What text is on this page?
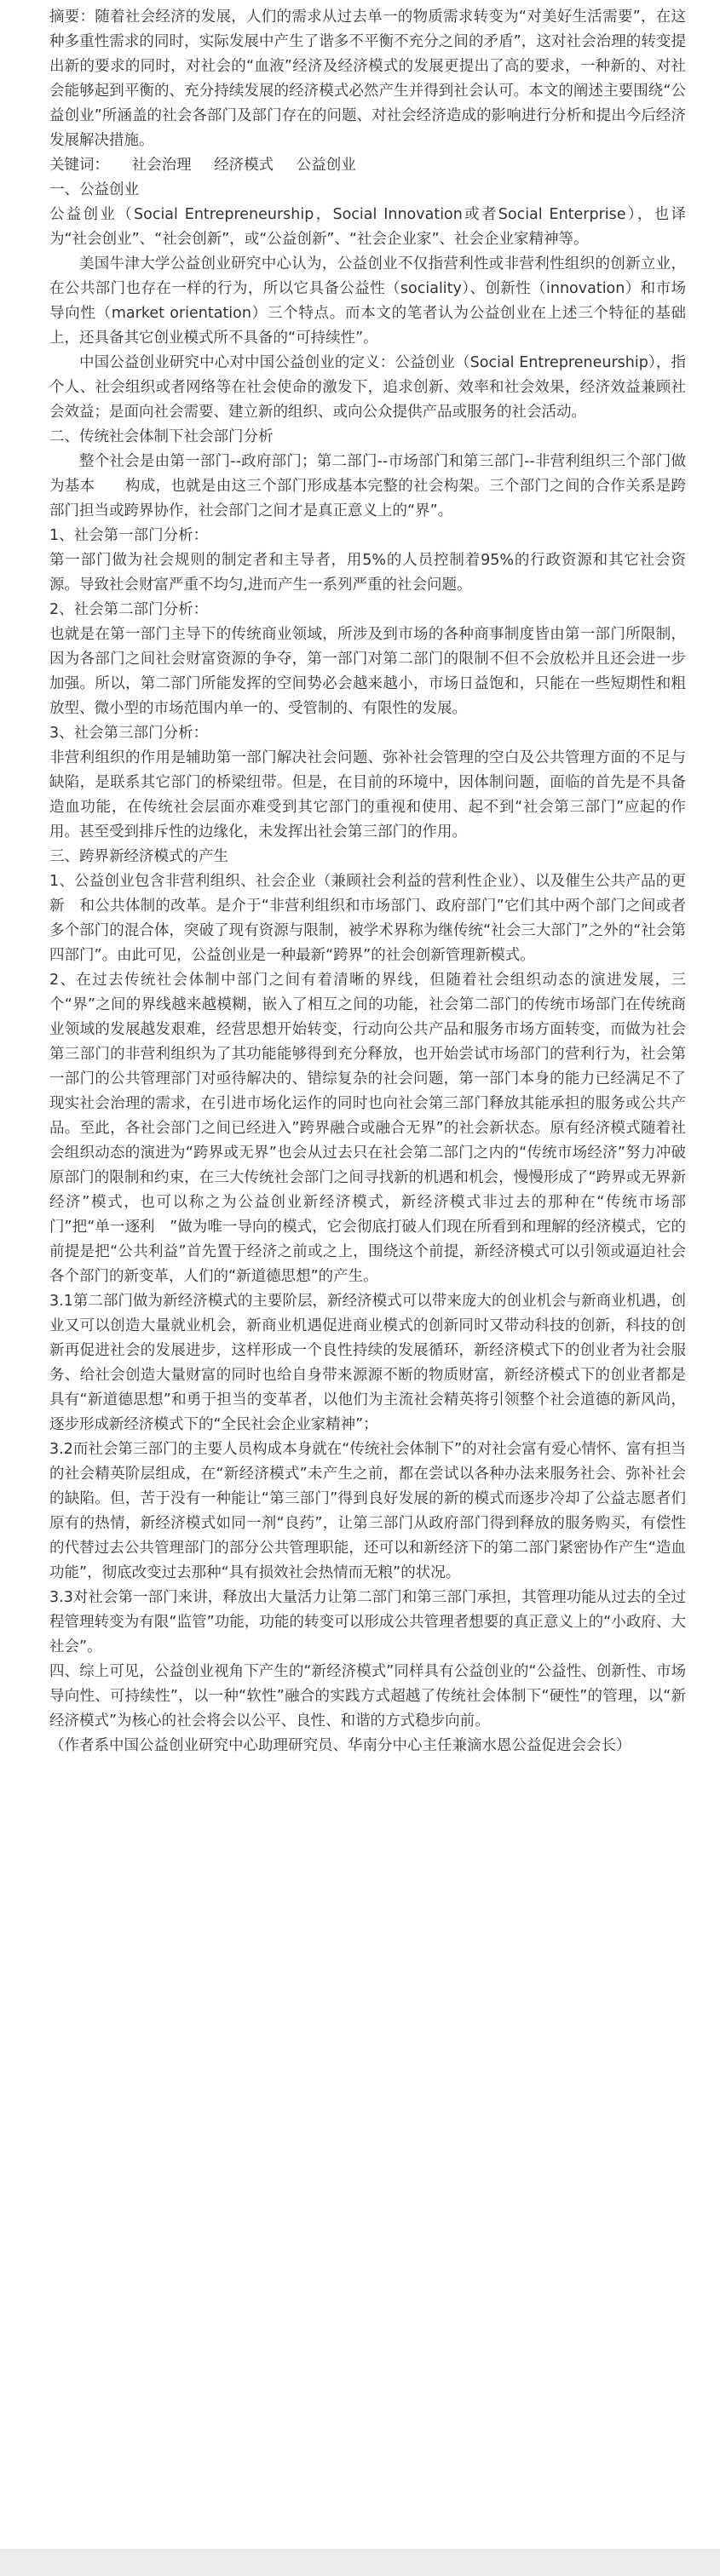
摘要：随着社会经济的发展，人们的需求从过去单一的物质需求转变为“对美好生活需要”，在这种多重性需求的同时，实际发展中产生了谐多不平衡不充分之间的矛盾”，这对社会治理的转变提出新的要求的同时，对社会的“血液”经济及经济模式的发展更提出了高的要求，一种新的、对社会能够起到平衡的、充分持续发展的经济模式必然产生并得到社会认可。本文的阐述主要围绕“公益创业”所涵盖的社会各部门及部门存在的问题、对社会经济造成的影响进行分析和提出今后经济发展解决措施。

关键词： 社会治理 经济模式 公益创业

一、公益创业

公益创业（Social Entrepreneurship，Social Innovation或者Social Enterprise），也译为“社会创业”、“社会创新”，或“公益创新”、“社会企业家”、社会企业家精神等。

美国牛津大学公益创业研究中心认为，公益创业不仅指营利性或非营利性组织的创新立业，在公共部门也存在一样的行为，所以它具备公益性（sociality）、创新性（innovation）和市场导向性（market orientation）三个特点。而本文的笔者认为公益创业在上述三个特征的基础上，还具备其它创业模式所不具备的“可持续性”。

中国公益创业研究中心对中国公益创业的定义：公益创业（Social Entrepreneurship），指个人、社会组织或者网络等在社会使命的激发下，追求创新、效率和社会效果，经济效益兼顾社会效益；是面向社会需要、建立新的组织、或向公众提供产品或服务的社会活动。

二、传统社会体制下社会部门分析

整个社会是由第一部门--政府部门；第二部门--市场部门和第三部门--非营利组织三个部门做为基本　　构成，也就是由这三个部门形成基本完整的社会构架。三个部门之间的合作关系是跨部门担当或跨界协作，社会部门之间才是真正意义上的“界”。

1、社会第一部门分析：

第一部门做为社会规则的制定者和主导者，用5%的人员控制着95%的行政资源和其它社会资源。导致社会财富严重不均匀,进而产生一系列严重的社会问题。

2、社会第二部门分析：

也就是在第一部门主导下的传统商业领域，所涉及到市场的各种商事制度皆由第一部门所限制，因为各部门之间社会财富资源的争夺，第一部门对第二部门的限制不但不会放松并且还会进一步加强。所以，第二部门所能发挥的空间势必会越来越小，市场日益饱和，只能在一些短期性和粗放型、微小型的市场范围内单一的、受管制的、有限性的发展。

3、社会第三部门分析：

非营利组织的作用是辅助第一部门解决社会问题、弥补社会管理的空白及公共管理方面的不足与缺陷，是联系其它部门的桥梁纽带。但是，在目前的环境中，因体制问题，面临的首先是不具备造血功能，在传统社会层面亦难受到其它部门的重视和使用、起不到“社会第三部门”应起的作用。甚至受到排斥性的边缘化，未发挥出社会第三部门的作用。

三、跨界新经济模式的产生

1、公益创业包含非营利组织、社会企业（兼顾社会利益的营利性企业）、以及催生公共产品的更新　和公共体制的改革。是介于“非营利组织和市场部门、政府部门”它们其中两个部门之间或者多个部门的混合体，突破了现有资源与限制，被学术界称为继传统“社会三大部门”之外的“社会第四部门”。由此可见，公益创业是一种最新“跨界”的社会创新管理新模式。

2、在过去传统社会体制中部门之间有着清晰的界线，但随着社会组织动态的演进发展，三个“界”之间的界线越来越模糊，嵌入了相互之间的功能，社会第二部门的传统市场部门在传统商业领域的发展越发艰难，经营思想开始转变，行动向公共产品和服务市场方面转变，而做为社会第三部门的非营利组织为了其功能能够得到充分释放，也开始尝试市场部门的营利行为，社会第一部门的公共管理部门对亟待解决的、错综复杂的社会问题，第一部门本身的能力已经满足不了现实社会治理的需求，在引进市场化运作的同时也向社会第三部门释放其能承担的服务或公共产品。至此，各社会部门之间已经进入”跨界融合或融合无界”的社会新状态。原有经济模式随着社会组织动态的演进为“跨界或无界”也会从过去只在社会第二部门之内的“传统市场经济”努力冲破原部门的限制和约束，在三大传统社会部门之间寻找新的机遇和机会，慢慢形成了“跨界或无界新经济”模式，也可以称之为公益创业新经济模式，新经济模式非过去的那种在“传统市场部门”把“单一逐利　”做为唯一导向的模式，它会彻底打破人们现在所看到和理解的经济模式，它的前提是把“公共利益”首先置于经济之前或之上，围绕这个前提，新经济模式可以引领或逼迫社会各个部门的新变革，人们的“新道德思想”的产生。

3.1第二部门做为新经济模式的主要阶层，新经济模式可以带来庞大的创业机会与新商业机遇，创业又可以创造大量就业机会，新商业机遇促进商业模式的创新同时又带动科技的创新，科技的创新再促进社会的发展进步，这样形成一个良性持续的发展循环，新经济模式下的创业者为社会服务、给社会创造大量财富的同时也给自身带来源源不断的物质财富，新经济模式下的创业者都是具有“新道德思想”和勇于担当的变革者，以他们为主流社会精英将引领整个社会道德的新风尚，逐步形成新经济模式下的“全民社会企业家精神”；

3.2而社会第三部门的主要人员构成本身就在“传统社会体制下”的对社会富有爱心情怀、富有担当的社会精英阶层组成，在“新经济模式”未产生之前，都在尝试以各种办法来服务社会、弥补社会的缺陷。但，苦于没有一种能让“第三部门”得到良好发展的新的模式而逐步冷却了公益志愿者们原有的热情，新经济模式如同一剂“良药”，让第三部门从政府部门得到释放的服务购买，有偿性的代替过去公共管理部门的部分公共管理职能，还可以和新经济下的第二部门紧密协作产生“造血功能”，彻底改变过去那种“具有损效社会热情而无粮”的状况。

3.3对社会第一部门来讲，释放出大量活力让第二部门和第三部门承担，其管理功能从过去的全过程管理转变为有限“监管”功能，功能的转变可以形成公共管理者想要的真正意义上的“小政府、大社会”。

四、综上可见，公益创业视角下产生的“新经济模式”同样具有公益创业的“公益性、创新性、市场导向性、可持续性”，以一种“软性”融合的实践方式超越了传统社会体制下“硬性”的管理，以“新经济模式”为核心的社会将会以公平、良性、和谐的方式稳步向前。

（作者系中国公益创业研究中心助理研究员、华南分中心主任兼滴水恩公益促进会会长）
